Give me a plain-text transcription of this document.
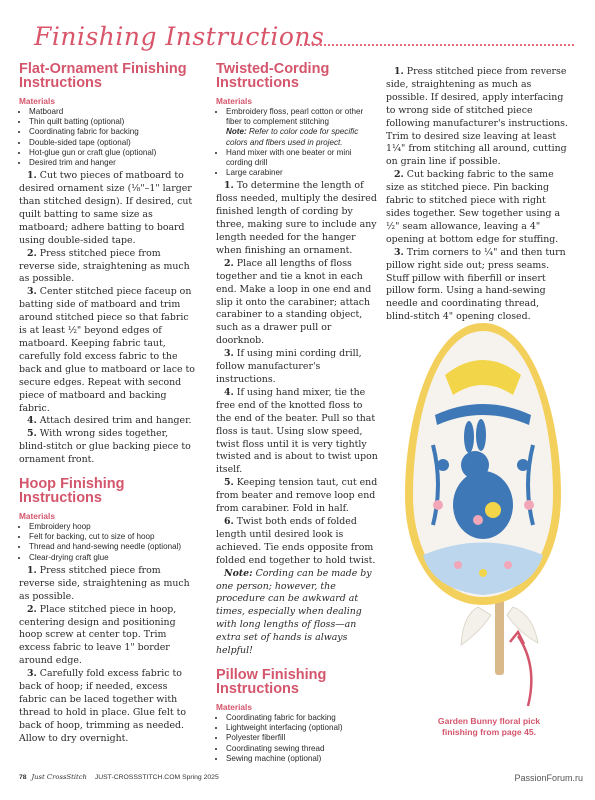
Finishing Instructions
Flat-Ornament Finishing Instructions
Materials
• Matboard
• Thin quilt batting (optional)
• Coordinating fabric for backing
• Double-sided tape (optional)
• Hot-glue gun or craft glue (optional)
• Desired trim and hanger

1. Cut two pieces of matboard to desired ornament size (⅛"–1" larger than stitched design). If desired, cut quilt batting to same size as matboard; adhere batting to board using double-sided tape.

2. Press stitched piece from reverse side, straightening as much as possible.

3. Center stitched piece faceup on batting side of matboard and trim around stitched piece so that fabric is at least ½" beyond edges of matboard. Keeping fabric taut, carefully fold excess fabric to the back and glue to matboard or lace to secure edges. Repeat with second piece of matboard and backing fabric.

4. Attach desired trim and hanger.

5. With wrong sides together, blind-stitch or glue backing piece to ornament front.

Hoop Finishing Instructions
Materials
• Embroidery hoop
• Felt for backing, cut to size of hoop
• Thread and hand-sewing needle (optional)
• Clear-drying craft glue

1. Press stitched piece from reverse side, straightening as much as possible.

2. Place stitched piece in hoop, centering design and positioning hoop screw at center top. Trim excess fabric to leave 1" border around edge.

3. Carefully fold excess fabric to back of hoop; if needed, excess fabric can be laced together with thread to hold in place. Glue felt to back of hoop, trimming as needed. Allow to dry overnight.

Twisted-Cording Instructions
Materials
• Embroidery floss, pearl cotton or other fiber to complement stitching
Note: Refer to color code for specific colors and fibers used in project.
• Hand mixer with one beater or mini cording drill
• Large carabiner

1. To determine the length of floss needed, multiply the desired finished length of cording by three, making sure to include any length needed for the hanger when finishing an ornament.

2. Place all lengths of floss together and tie a knot in each end. Make a loop in one end and slip it onto the carabiner; attach carabiner to a standing object, such as a drawer pull or doorknob.

3. If using mini cording drill, follow manufacturer's instructions.

4. If using hand mixer, tie the free end of the knotted floss to the end of the beater. Pull so that floss is taut. Using slow speed, twist floss until it is very tightly twisted and is about to twist upon itself.

5. Keeping tension taut, cut end from beater and remove loop end from carabiner. Fold in half.

6. Twist both ends of folded length until desired look is achieved. Tie ends opposite from folded end together to hold twist.

Note: Cording can be made by one person; however, the procedure can be awkward at times, especially when dealing with long lengths of floss—an extra set of hands is always helpful!

Pillow Finishing Instructions
Materials
• Coordinating fabric for backing
• Lightweight interfacing (optional)
• Polyester fiberfill
• Coordinating sewing thread
• Sewing machine (optional)

1. Press stitched piece from reverse side, straightening as much as possible. If desired, apply interfacing to wrong side of stitched piece following manufacturer's instructions. Trim to desired size leaving at least 1¼" from stitching all around, cutting on grain line if possible.

2. Cut backing fabric to the same size as stitched piece. Pin backing fabric to stitched piece with right sides together. Sew together using a ½" seam allowance, leaving a 4" opening at bottom edge for stuffing.

3. Trim corners to ¼" and then turn pillow right side out; press seams. Stuff pillow with fiberfill or insert pillow form. Using a hand-sewing needle and coordinating thread, blind-stitch 4" opening closed.

Garden Bunny floral pick finishing from page 45.
78 Just CrossStitch JUST-CROSSSTITCH.COM Spring 2025	PassionForum.ru
